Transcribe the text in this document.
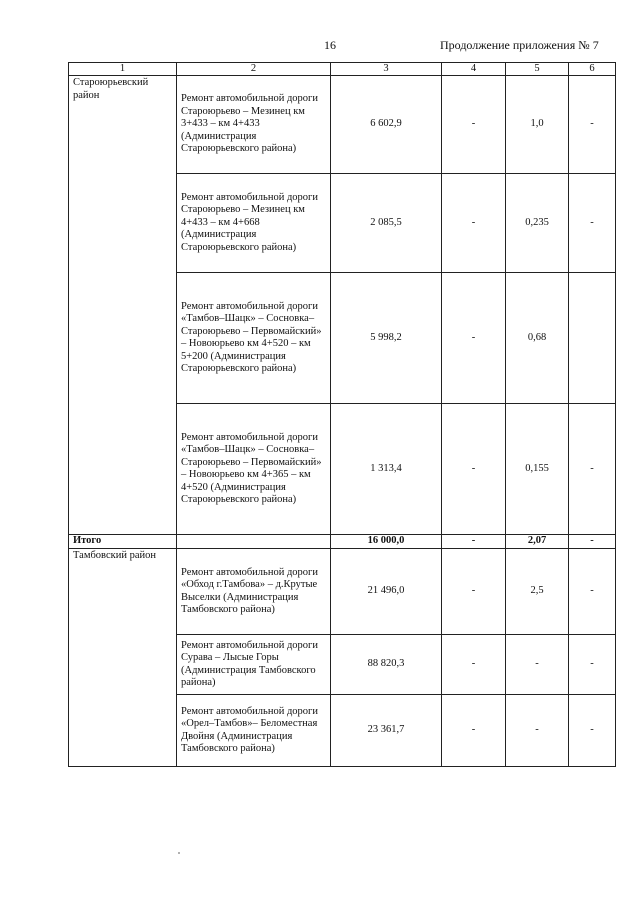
16	Продолжение приложения № 7
1	2	3	4	5	6
Староюрьевский район	Ремонт автомобильной дороги Староюрьево – Мезинец км 3+433 – км 4+433 (Администрация Староюрьевского района)	6 602,9	-	1,0	-
	Ремонт автомобильной дороги Староюрьево – Мезинец км 4+433 – км 4+668 (Администрация Староюрьевского района)	2 085,5	-	0,235	-
	Ремонт автомобильной дороги «Тамбов–Шацк» – Сосновка–Староюрьево – Первомайский» – Новоюрьево км 4+520 – км 5+200 (Администрация Староюрьевского района)	5 998,2	-	0,68	
	Ремонт автомобильной дороги «Тамбов–Шацк» – Сосновка–Староюрьево – Первомайский» – Новоюрьево км 4+365 – км 4+520 (Администрация Староюрьевского района)	1 313,4	-	0,155	-
Итого		16 000,0	-	2,07	-
Тамбовский район	Ремонт автомобильной дороги «Обход г.Тамбова» – д.Крутые Выселки (Администрация Тамбовского района)	21 496,0	-	2,5	-
	Ремонт автомобильной дороги Сурава – Лысые Горы (Администрация Тамбовского района)	88 820,3	-	-	-
	Ремонт автомобильной дороги «Орел–Тамбов»– Беломестная Двойня (Администрация Тамбовского района)	23 361,7	-	-	-
